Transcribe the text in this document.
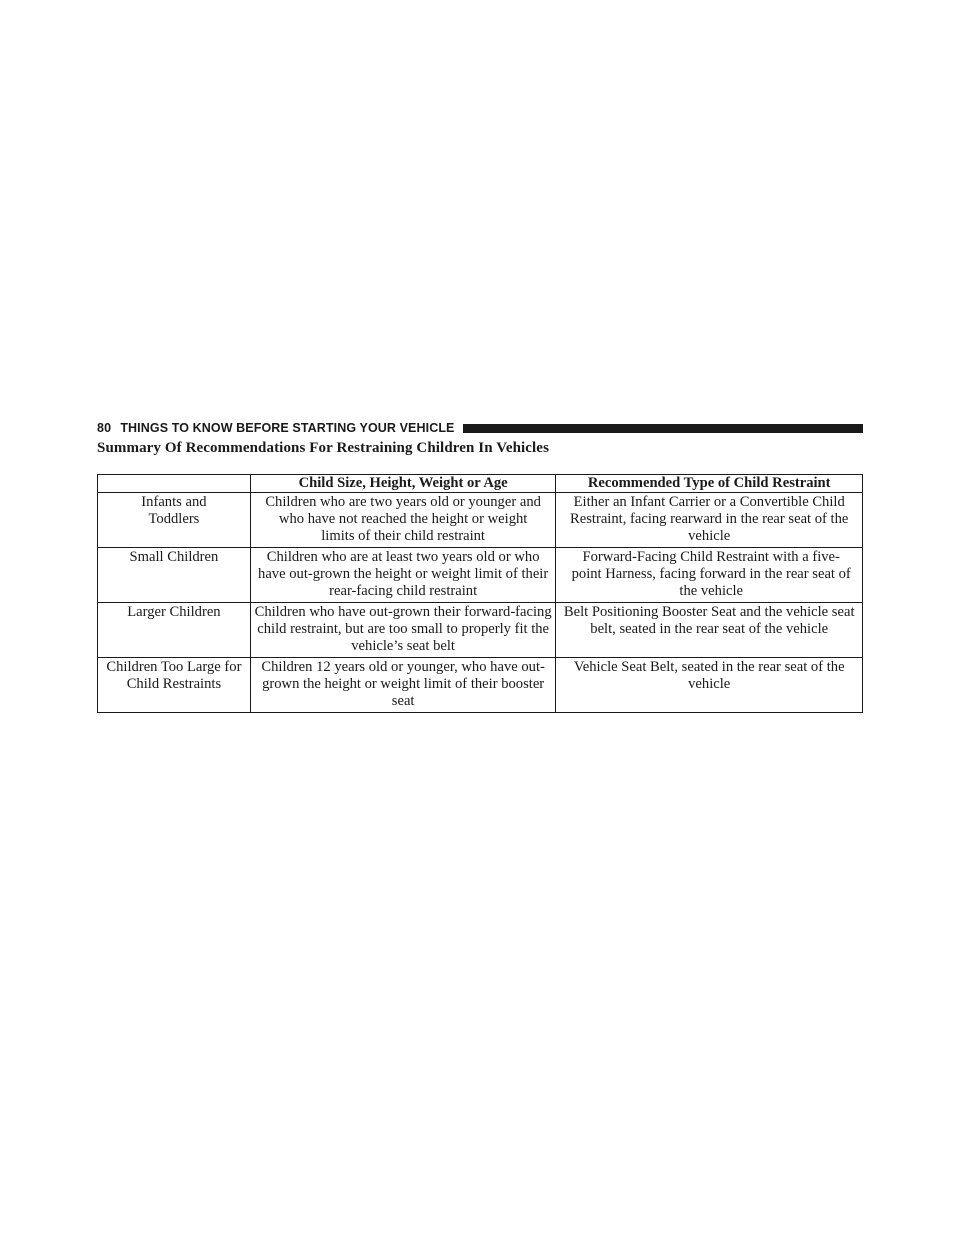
80 THINGS TO KNOW BEFORE STARTING YOUR VEHICLE
Summary Of Recommendations For Restraining Children In Vehicles
	Child Size, Height, Weight or Age	Recommended Type of Child Restraint
Infants and Toddlers	Children who are two years old or younger and who have not reached the height or weight limits of their child restraint	Either an Infant Carrier or a Convertible Child Restraint, facing rearward in the rear seat of the vehicle
Small Children	Children who are at least two years old or who have out-grown the height or weight limit of their rear-facing child restraint	Forward-Facing Child Restraint with a five-point Harness, facing forward in the rear seat of the vehicle
Larger Children	Children who have out-grown their forward-facing child restraint, but are too small to properly fit the vehicle’s seat belt	Belt Positioning Booster Seat and the vehicle seat belt, seated in the rear seat of the vehicle
Children Too Large for Child Restraints	Children 12 years old or younger, who have out-grown the height or weight limit of their booster seat	Vehicle Seat Belt, seated in the rear seat of the vehicle
